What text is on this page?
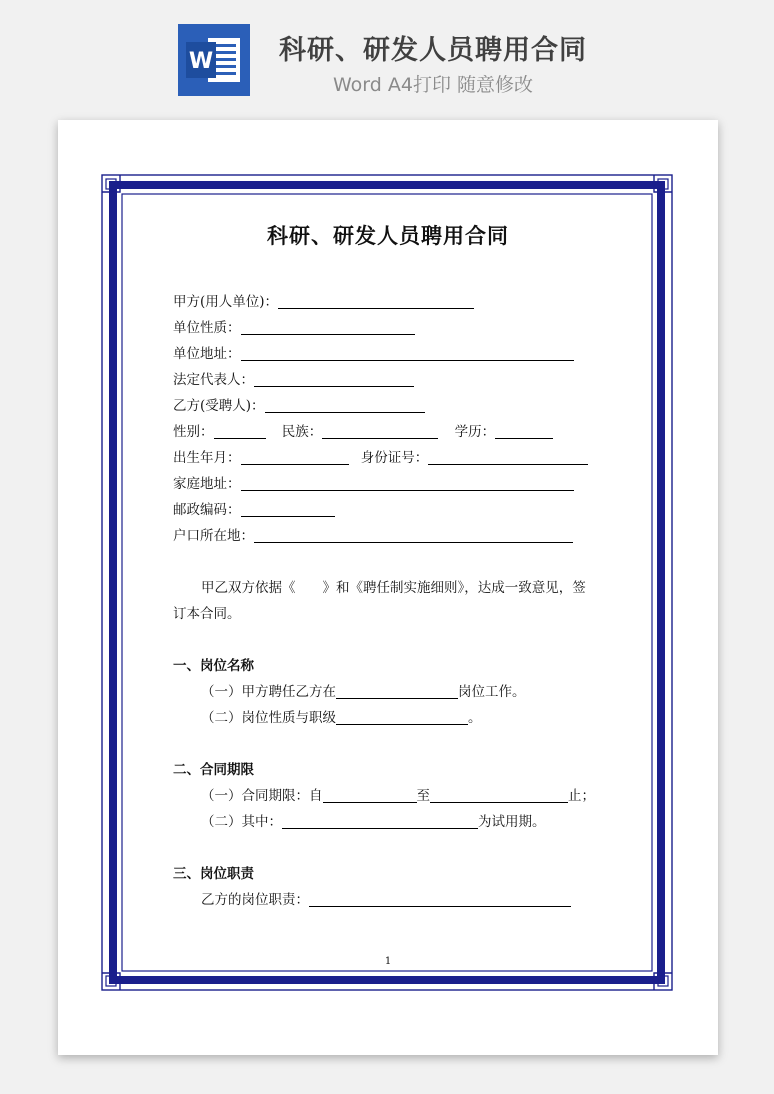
W	科研、研发人员聘用合同
Word A4打印 随意修改
科研、研发人员聘用合同
甲方(用人单位)：
单位性质：
单位地址：
法定代表人：
乙方(受聘人)：
性别：	民族：	学历：
出生年月：	身份证号：
家庭地址：
邮政编码：
户口所在地：
甲乙双方依据《　　》和《聘任制实施细则》，达成一致意见，签
订本合同。
一、岗位名称
（一）甲方聘任乙方在	岗位工作。
（二）岗位性质与职级	。
二、合同期限
（一）合同期限：自	至	止；
（二）其中：	为试用期。
三、岗位职责
乙方的岗位职责：
1
